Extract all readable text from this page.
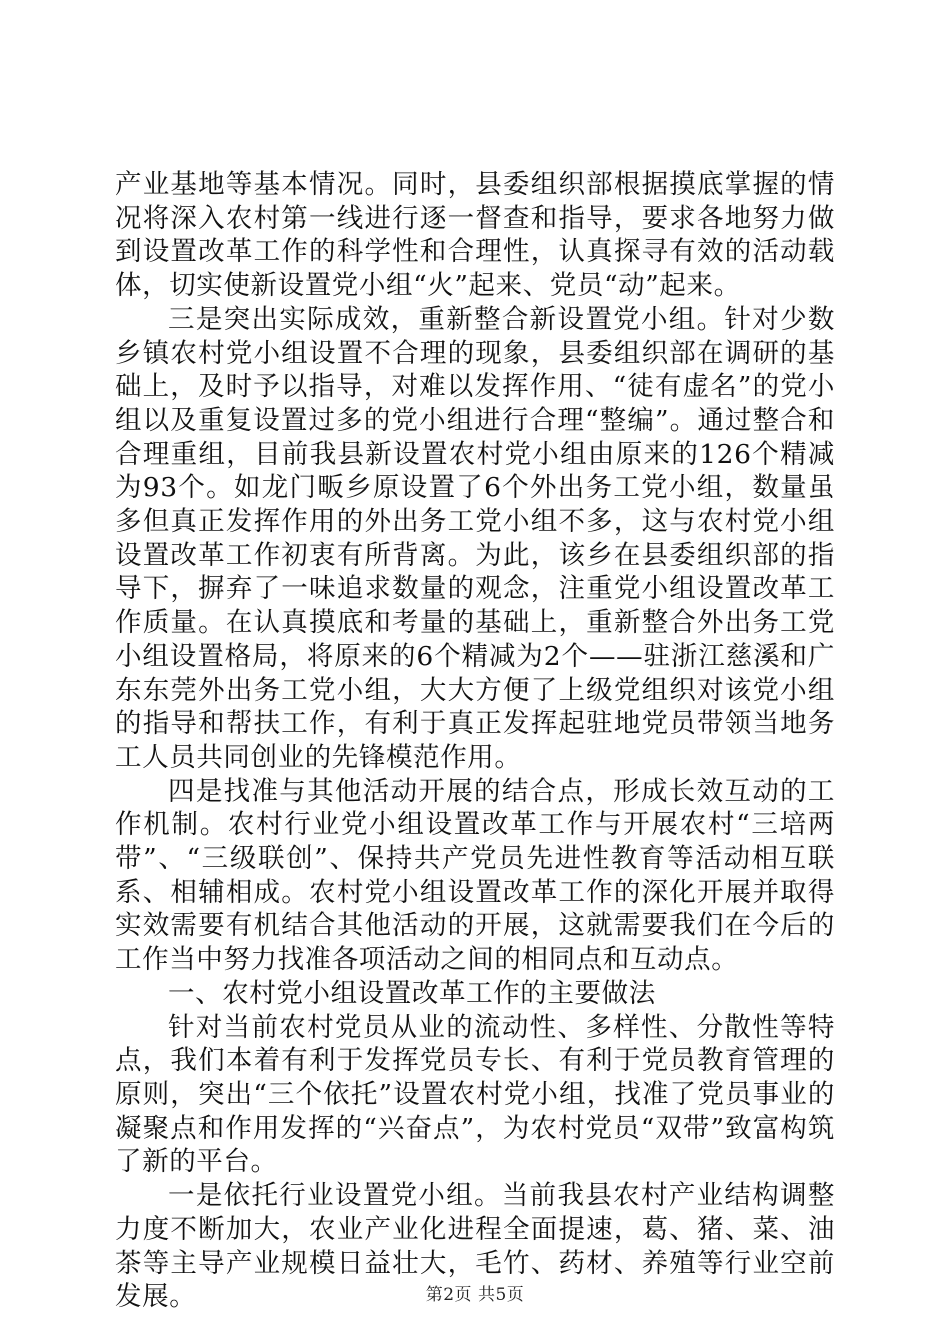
产业基地等基本情况。同时，县委组织部根据摸底掌握的情况将深入农村第一线进行逐一督查和指导，要求各地努力做到设置改革工作的科学性和合理性，认真探寻有效的活动载体，切实使新设置党小组“火”起来、党员“动”起来。

三是突出实际成效，重新整合新设置党小组。针对少数乡镇农村党小组设置不合理的现象，县委组织部在调研的基础上，及时予以指导，对难以发挥作用、“徒有虚名”的党小组以及重复设置过多的党小组进行合理“整编”。通过整合和合理重组，目前我县新设置农村党小组由原来的126个精减为93个。如龙门畈乡原设置了6个外出务工党小组，数量虽多但真正发挥作用的外出务工党小组不多，这与农村党小组设置改革工作初衷有所背离。为此，该乡在县委组织部的指导下，摒弃了一味追求数量的观念，注重党小组设置改革工作质量。在认真摸底和考量的基础上，重新整合外出务工党小组设置格局，将原来的6个精减为2个——驻浙江慈溪和广东东莞外出务工党小组，大大方便了上级党组织对该党小组的指导和帮扶工作，有利于真正发挥起驻地党员带领当地务工人员共同创业的先锋模范作用。

四是找准与其他活动开展的结合点，形成长效互动的工作机制。农村行业党小组设置改革工作与开展农村“三培两带”、“三级联创”、保持共产党员先进性教育等活动相互联系、相辅相成。农村党小组设置改革工作的深化开展并取得实效需要有机结合其他活动的开展，这就需要我们在今后的工作当中努力找准各项活动之间的相同点和互动点。

一、农村党小组设置改革工作的主要做法

针对当前农村党员从业的流动性、多样性、分散性等特点，我们本着有利于发挥党员专长、有利于党员教育管理的原则，突出“三个依托”设置农村党小组，找准了党员事业的凝聚点和作用发挥的“兴奋点”，为农村党员“双带”致富构筑了新的平台。

一是依托行业设置党小组。当前我县农村产业结构调整力度不断加大，农业产业化进程全面提速，葛、猪、菜、油茶等主导产业规模日益壮大，毛竹、药材、养殖等行业空前发展。	第2页 共5页
